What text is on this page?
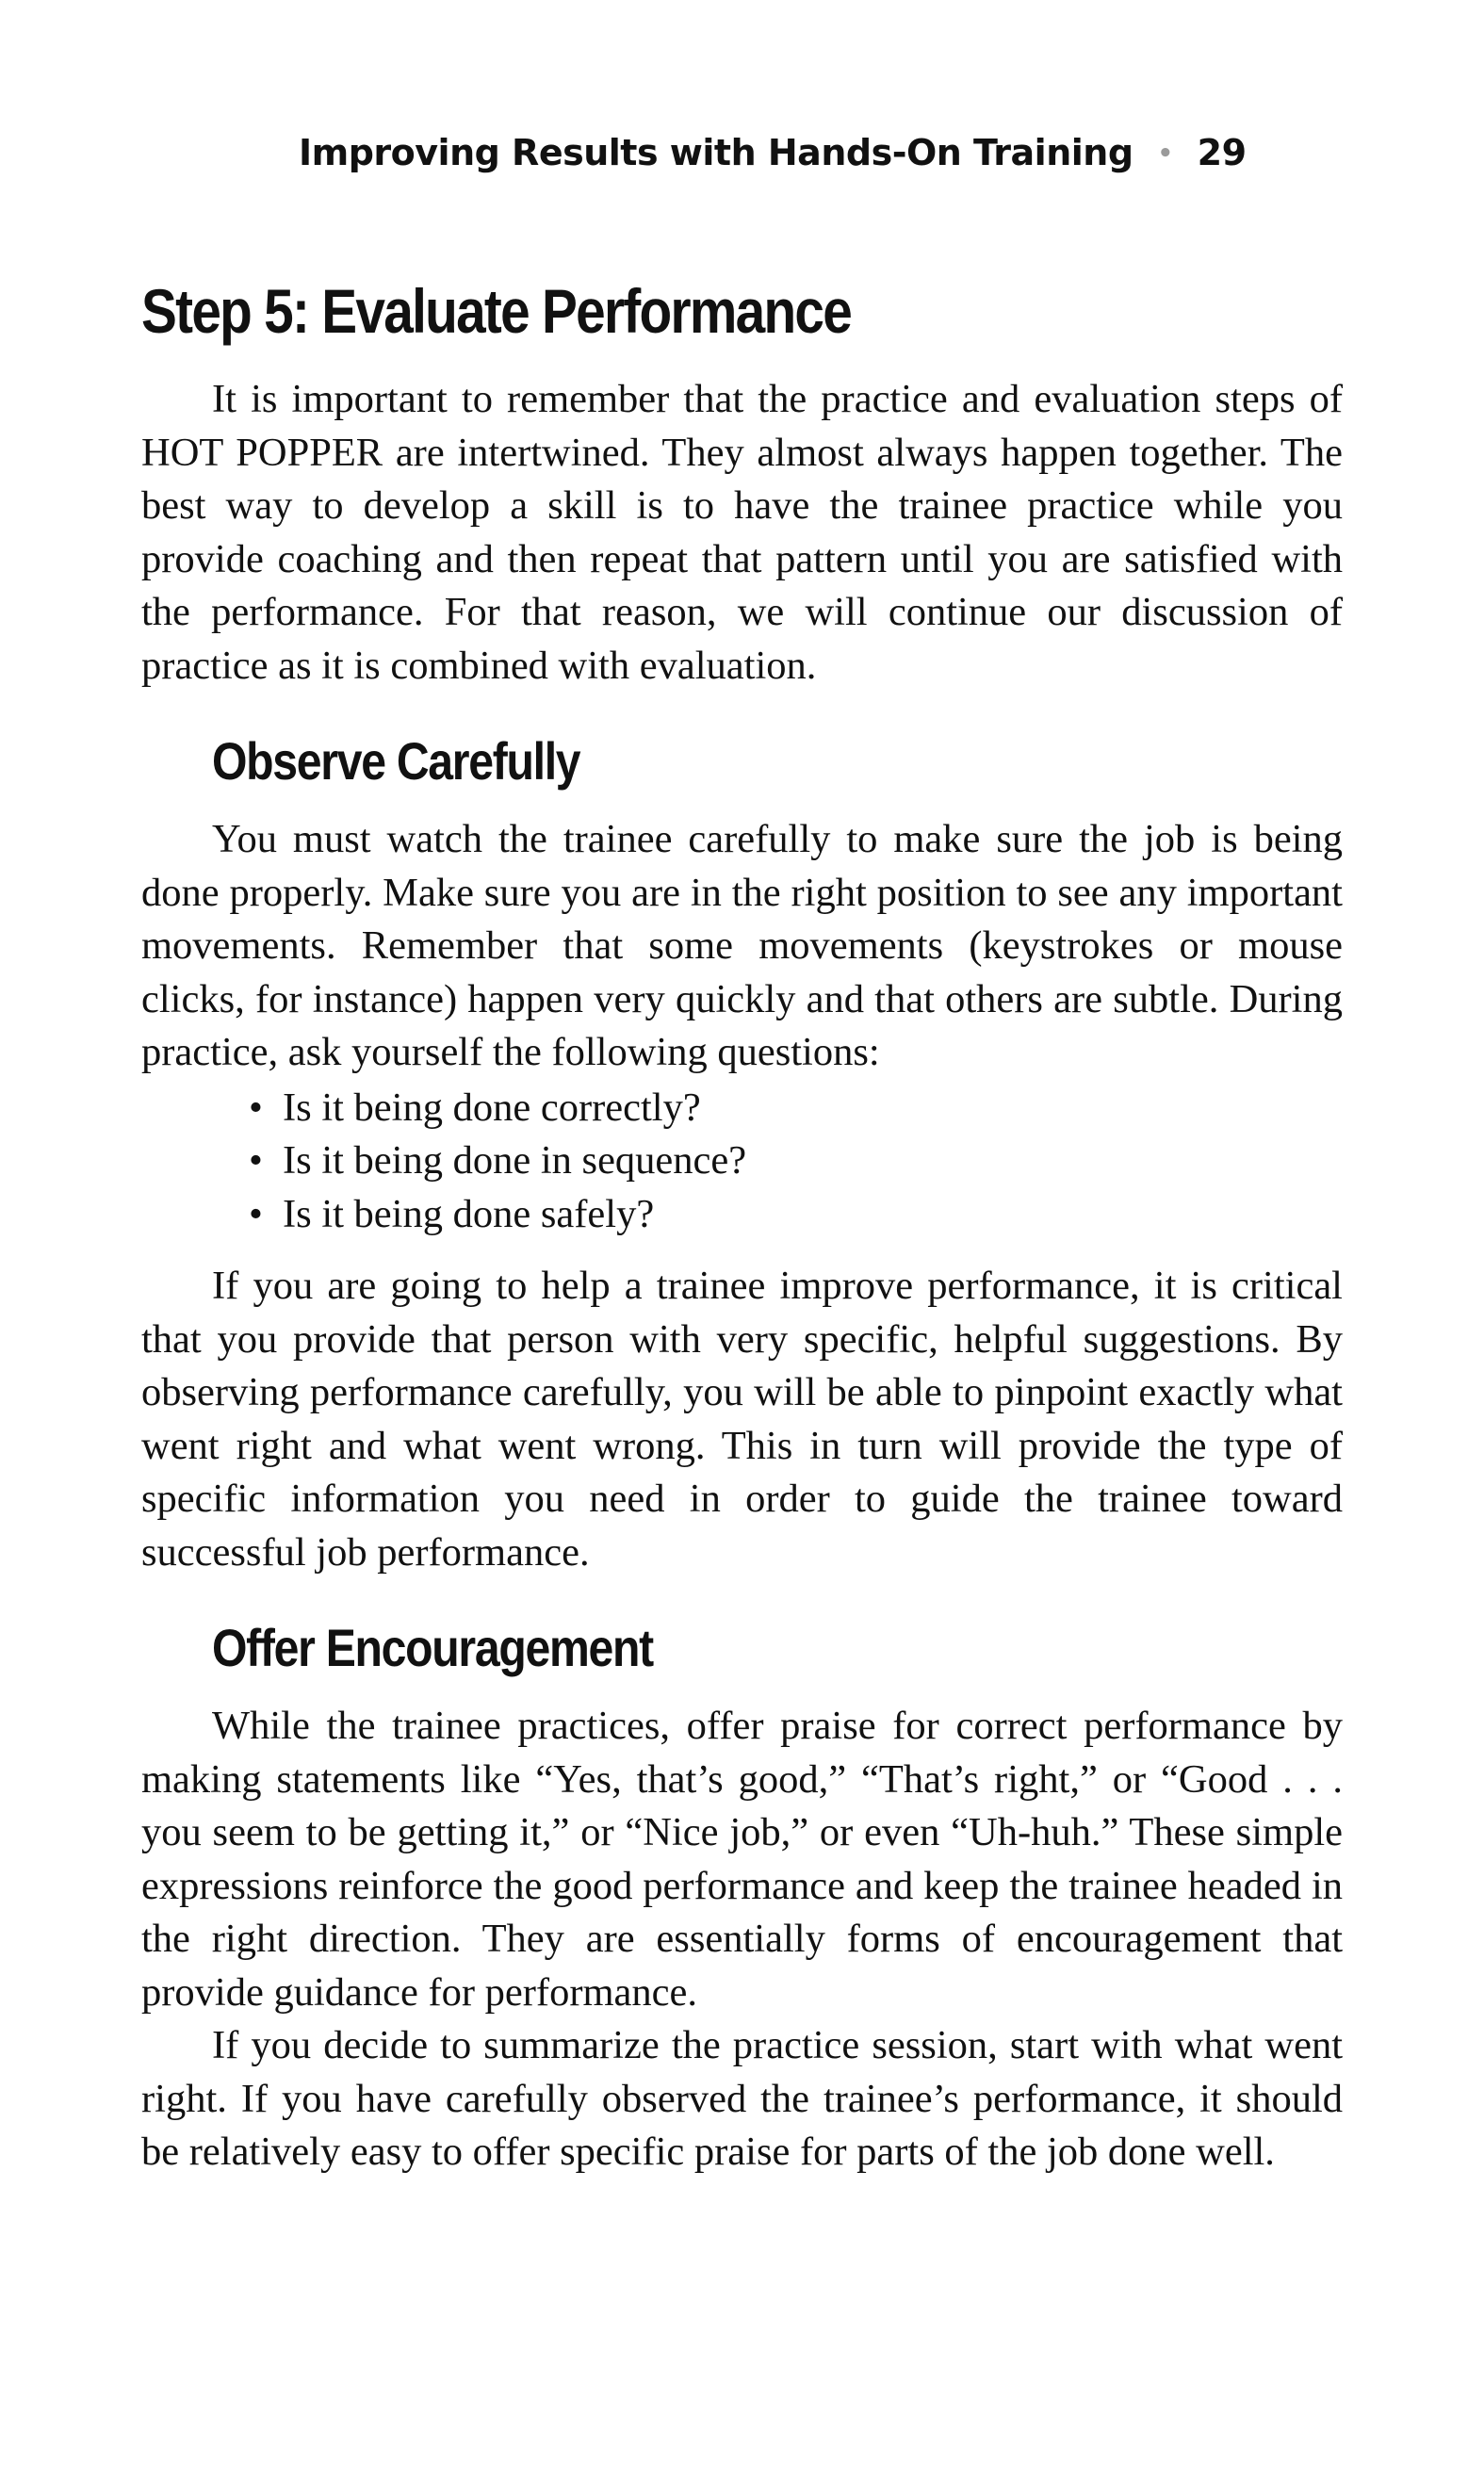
Improving Results with Hands-On Training • 29
Step 5: Evaluate Performance

It is important to remember that the practice and evaluation steps of HOT POPPER are intertwined. They almost always happen together. The best way to develop a skill is to have the trainee practice while you provide coaching and then repeat that pattern until you are satisfied with the performance. For that reason, we will continue our discussion of practice as it is combined with evaluation.

Observe Carefully

You must watch the trainee carefully to make sure the job is being done properly. Make sure you are in the right position to see any important movements. Remember that some movements (keystrokes or mouse clicks, for instance) happen very quickly and that others are subtle. During practice, ask yourself the following questions:

• Is it being done correctly?
• Is it being done in sequence?
• Is it being done safely?

If you are going to help a trainee improve performance, it is critical that you provide that person with very specific, helpful suggestions. By observing performance carefully, you will be able to pinpoint exactly what went right and what went wrong. This in turn will provide the type of specific information you need in order to guide the trainee toward successful job performance.

Offer Encouragement

While the trainee practices, offer praise for correct performance by making statements like “Yes, that’s good,” “That’s right,” or “Good . . . you seem to be getting it,” or “Nice job,” or even “Uh-huh.” These simple expressions reinforce the good performance and keep the trainee headed in the right direction. They are essentially forms of encouragement that provide guidance for performance.

If you decide to summarize the practice session, start with what went right. If you have carefully observed the trainee’s performance, it should be relatively easy to offer specific praise for parts of the job done well.
